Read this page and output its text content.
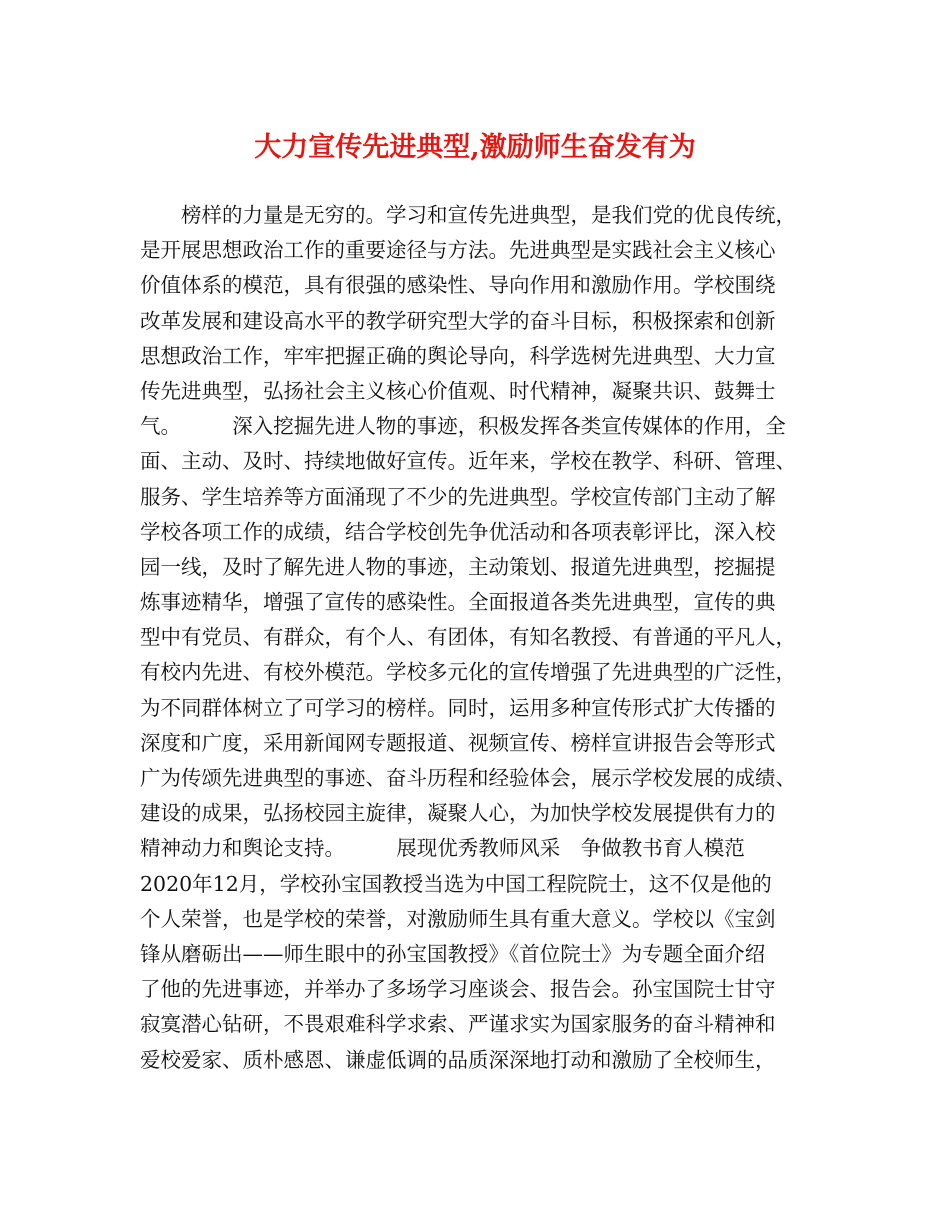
大力宣传先进典型,激励师生奋发有为
　　榜样的力量是无穷的。学习和宣传先进典型，是我们党的优良传统，
是开展思想政治工作的重要途径与方法。先进典型是实践社会主义核心
价值体系的模范，具有很强的感染性、导向作用和激励作用。学校围绕
改革发展和建设高水平的教学研究型大学的奋斗目标，积极探索和创新
思想政治工作，牢牢把握正确的舆论导向，科学选树先进典型、大力宣
传先进典型，弘扬社会主义核心价值观、时代精神，凝聚共识、鼓舞士
气。　　　深入挖掘先进人物的事迹，积极发挥各类宣传媒体的作用，全
面、主动、及时、持续地做好宣传。近年来，学校在教学、科研、管理、
服务、学生培养等方面涌现了不少的先进典型。学校宣传部门主动了解
学校各项工作的成绩，结合学校创先争优活动和各项表彰评比，深入校
园一线，及时了解先进人物的事迹，主动策划、报道先进典型，挖掘提
炼事迹精华，增强了宣传的感染性。全面报道各类先进典型，宣传的典
型中有党员、有群众，有个人、有团体，有知名教授、有普通的平凡人，
有校内先进、有校外模范。学校多元化的宣传增强了先进典型的广泛性，
为不同群体树立了可学习的榜样。同时，运用多种宣传形式扩大传播的
深度和广度，采用新闻网专题报道、视频宣传、榜样宣讲报告会等形式
广为传颂先进典型的事迹、奋斗历程和经验体会，展示学校发展的成绩、
建设的成果，弘扬校园主旋律，凝聚人心，为加快学校发展提供有力的
精神动力和舆论支持。　　　展现优秀教师风采　争做教书育人模范
2020年12月，学校孙宝国教授当选为中国工程院院士，这不仅是他的
个人荣誉，也是学校的荣誉，对激励师生具有重大意义。学校以《宝剑
锋从磨砺出——师生眼中的孙宝国教授》《首位院士》为专题全面介绍
了他的先进事迹，并举办了多场学习座谈会、报告会。孙宝国院士甘守
寂寞潜心钻研，不畏艰难科学求索、严谨求实为国家服务的奋斗精神和
爱校爱家、质朴感恩、谦虚低调的品质深深地打动和激励了全校师生，
